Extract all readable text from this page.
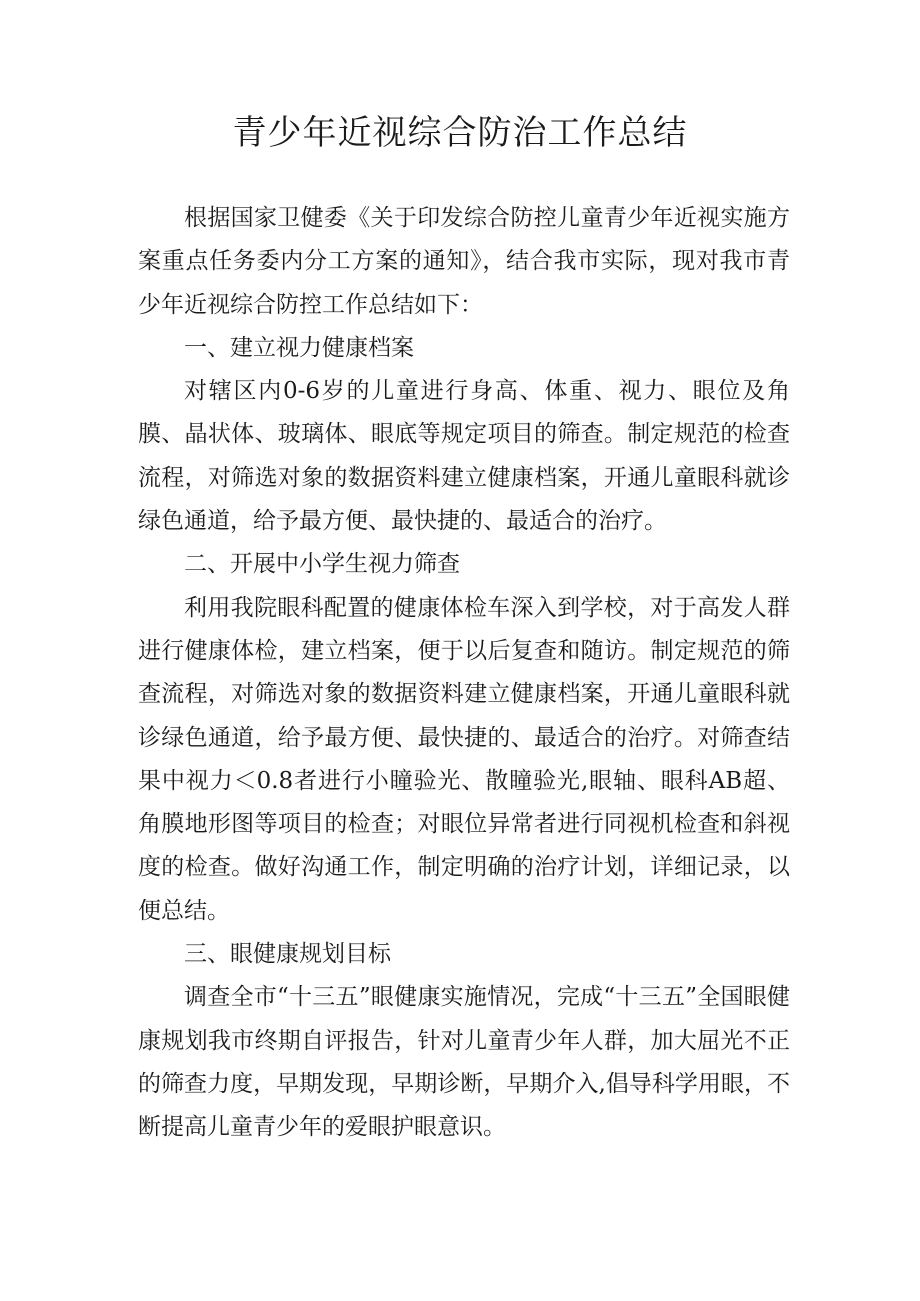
青少年近视综合防治工作总结

根据国家卫健委《关于印发综合防控儿童青少年近视实施方案重点任务委内分工方案的通知》，结合我市实际，现对我市青少年近视综合防控工作总结如下：

一、建立视力健康档案

对辖区内0-6岁的儿童进行身高、体重、视力、眼位及角膜、晶状体、玻璃体、眼底等规定项目的筛查。制定规范的检查流程，对筛选对象的数据资料建立健康档案，开通儿童眼科就诊绿色通道，给予最方便、最快捷的、最适合的治疗。

二、开展中小学生视力筛查

利用我院眼科配置的健康体检车深入到学校，对于高发人群进行健康体检，建立档案，便于以后复查和随访。制定规范的筛查流程，对筛选对象的数据资料建立健康档案，开通儿童眼科就诊绿色通道，给予最方便、最快捷的、最适合的治疗。对筛查结果中视力＜0.8者进行小瞳验光、散瞳验光,眼轴、眼科AB超、角膜地形图等项目的检查；对眼位异常者进行同视机检查和斜视度的检查。做好沟通工作，制定明确的治疗计划，详细记录，以便总结。

三、眼健康规划目标

调查全市“十三五”眼健康实施情况，完成“十三五”全国眼健康规划我市终期自评报告，针对儿童青少年人群，加大屈光不正的筛查力度，早期发现，早期诊断，早期介入,倡导科学用眼，不断提高儿童青少年的爱眼护眼意识。
